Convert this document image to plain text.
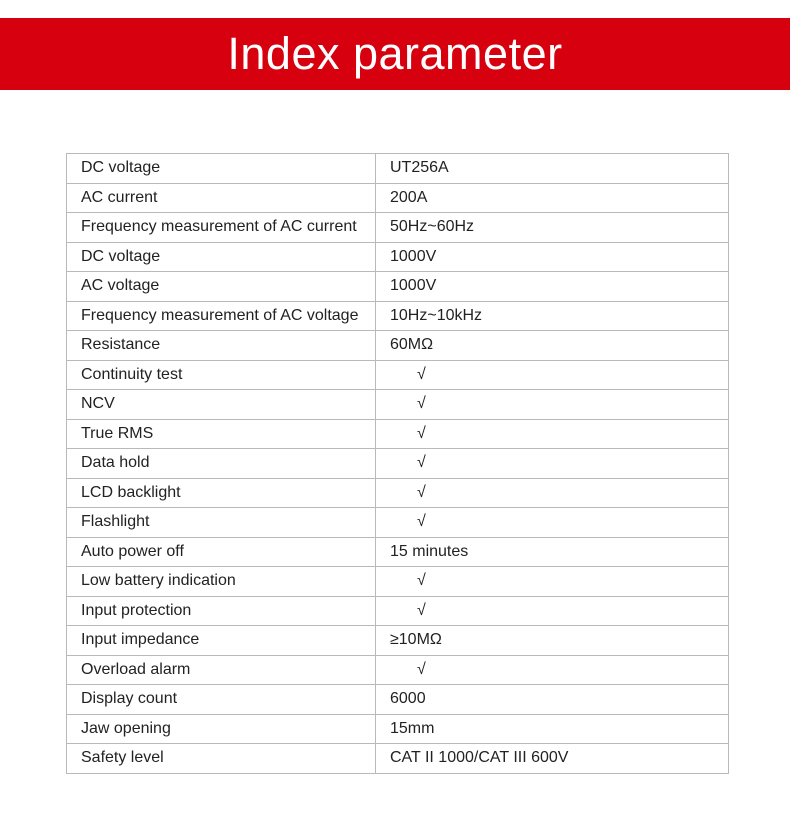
Index parameter
DC voltage	UT256A
AC current	200A
Frequency measurement of AC current	50Hz~60Hz
DC voltage	1000V
AC voltage	1000V
Frequency measurement of AC voltage	10Hz~10kHz
Resistance	60MΩ
Continuity test	√
NCV	√
True RMS	√
Data hold	√
LCD backlight	√
Flashlight	√
Auto power off	15 minutes
Low battery indication	√
Input protection	√
Input impedance	≥10MΩ
Overload alarm	√
Display count	6000
Jaw opening	15mm
Safety level	CAT II 1000/CAT III 600V
